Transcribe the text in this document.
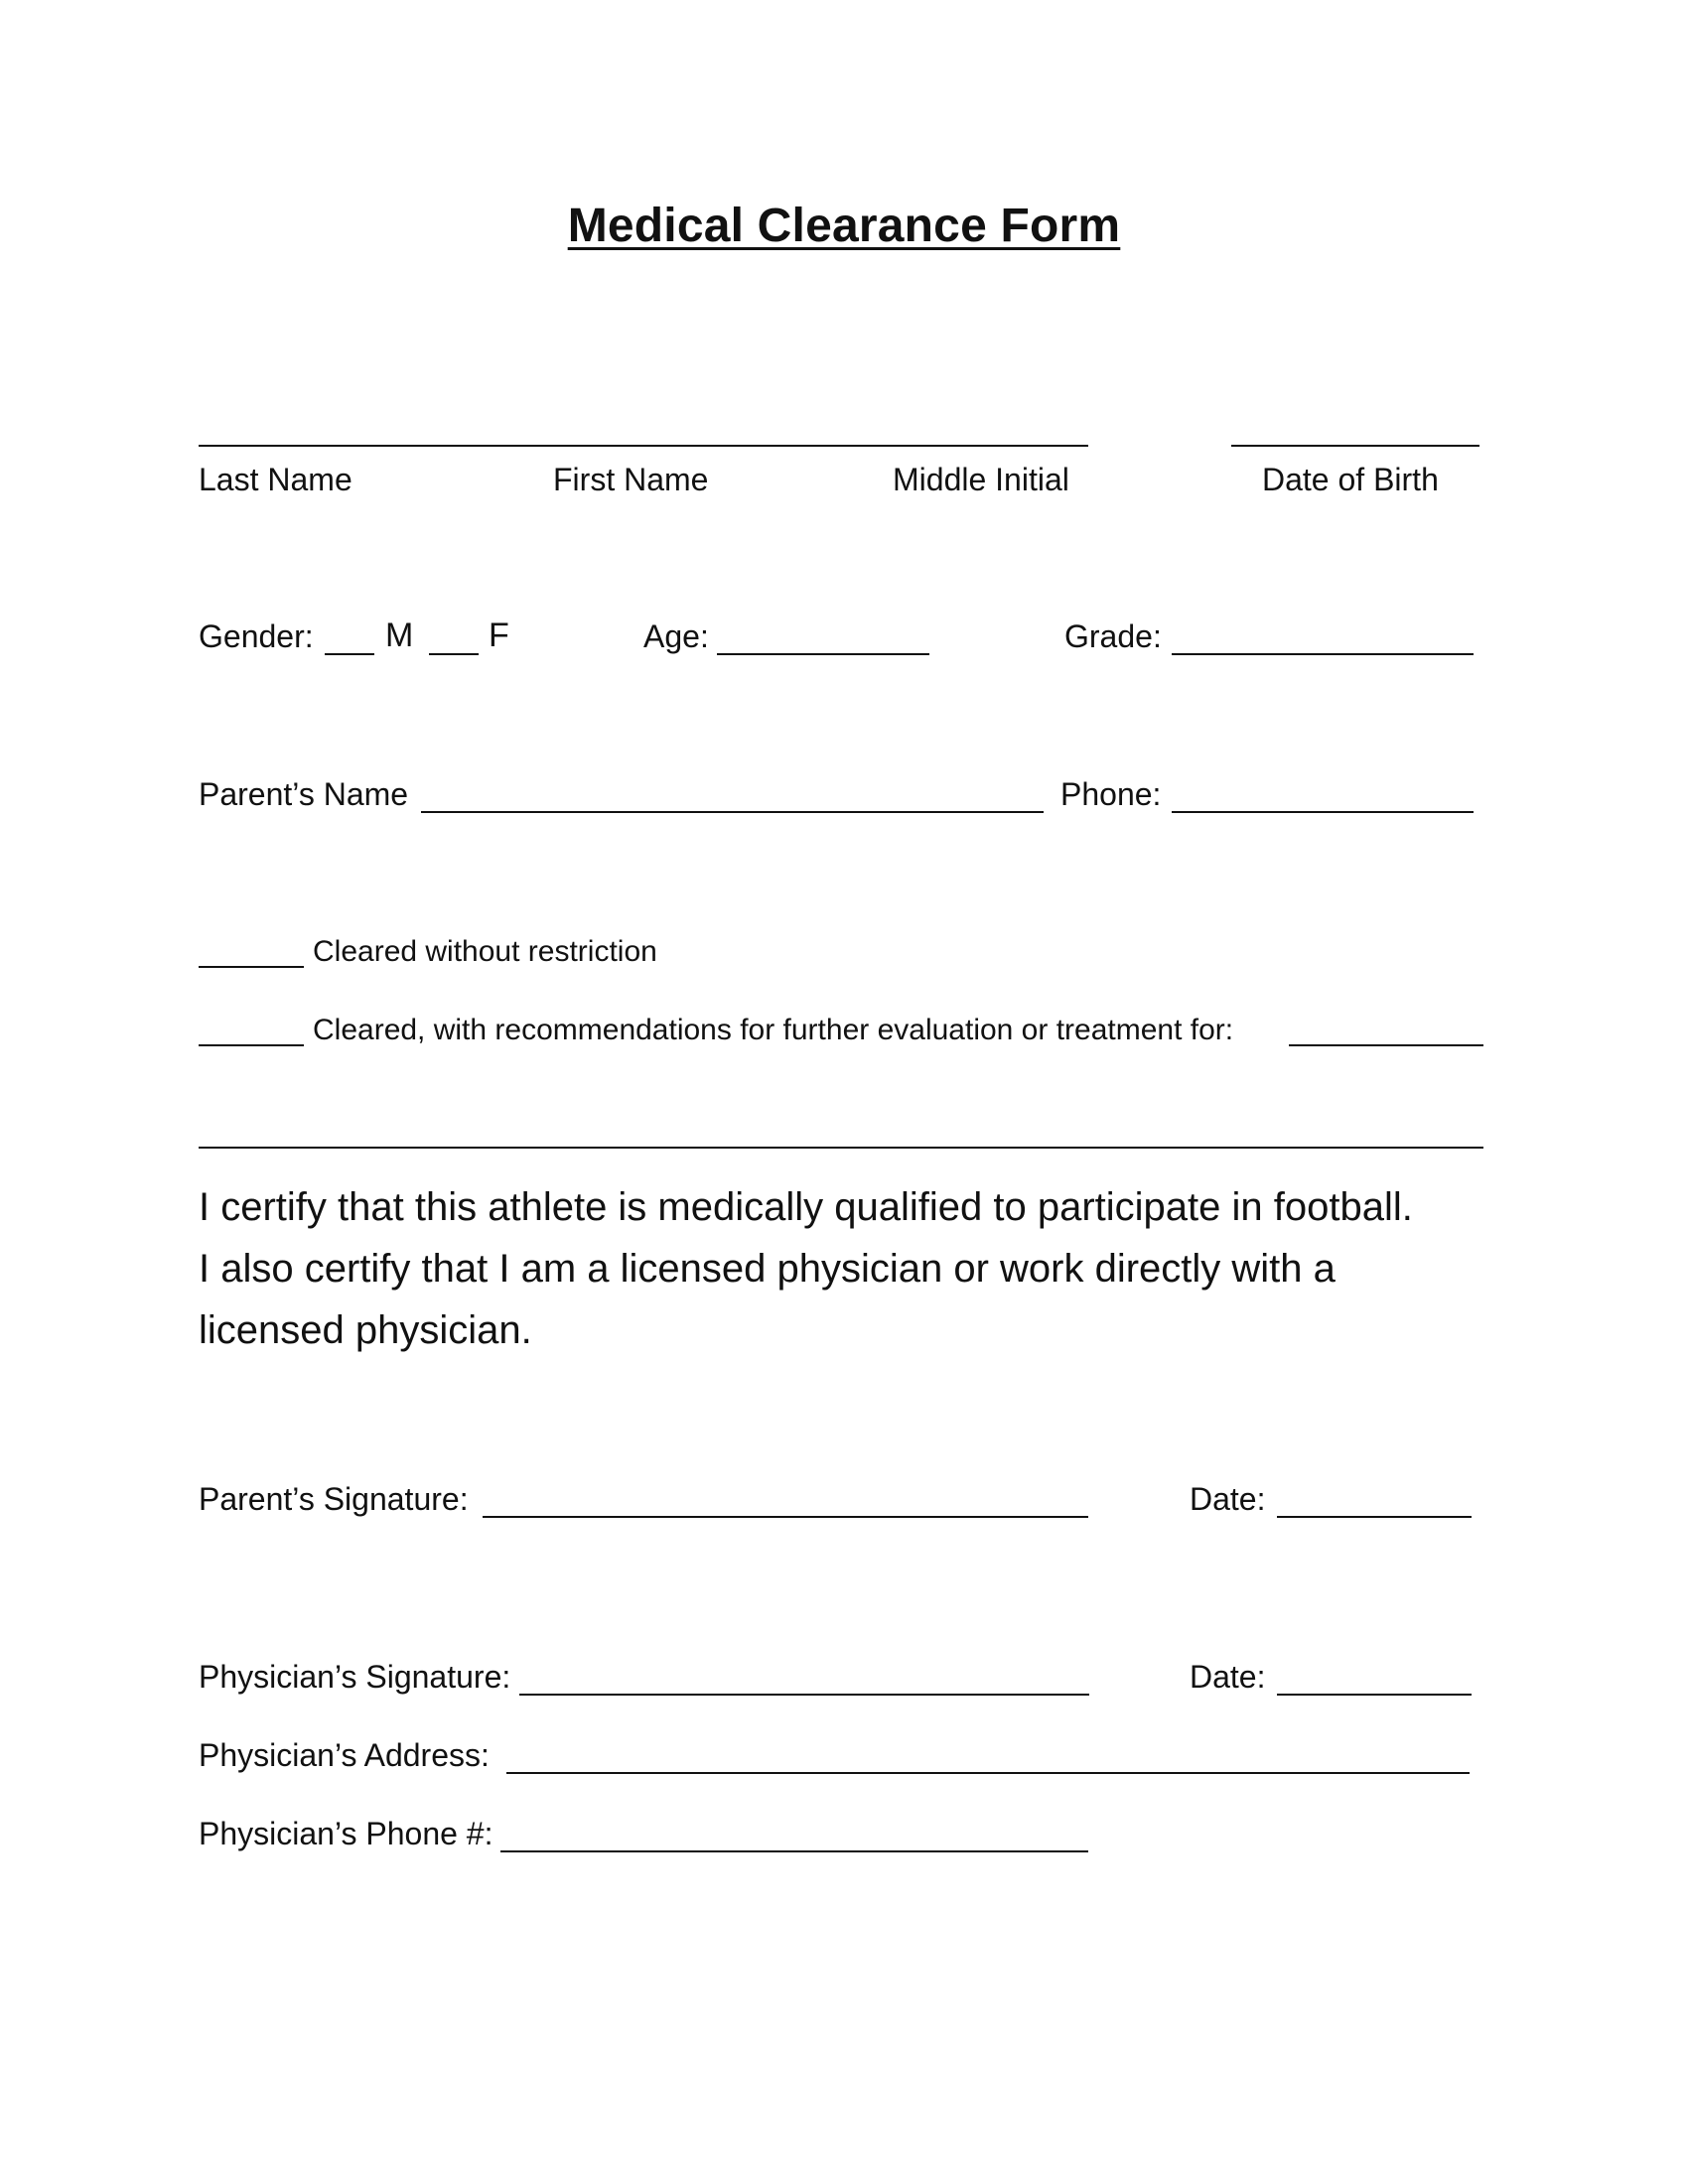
Medical Clearance Form
Last Name	First Name	Middle Initial	Date of Birth
Gender: M F	Age:	Grade:
Parent’s Name	Phone:
Cleared without restriction
Cleared, with recommendations for further evaluation or treatment for:
I certify that this athlete is medically qualified to participate in football.
I also certify that I am a licensed physician or work directly with a
licensed physician.
Parent’s Signature:	Date:
Physician’s Signature:	Date:
Physician’s Address:
Physician’s Phone #:
